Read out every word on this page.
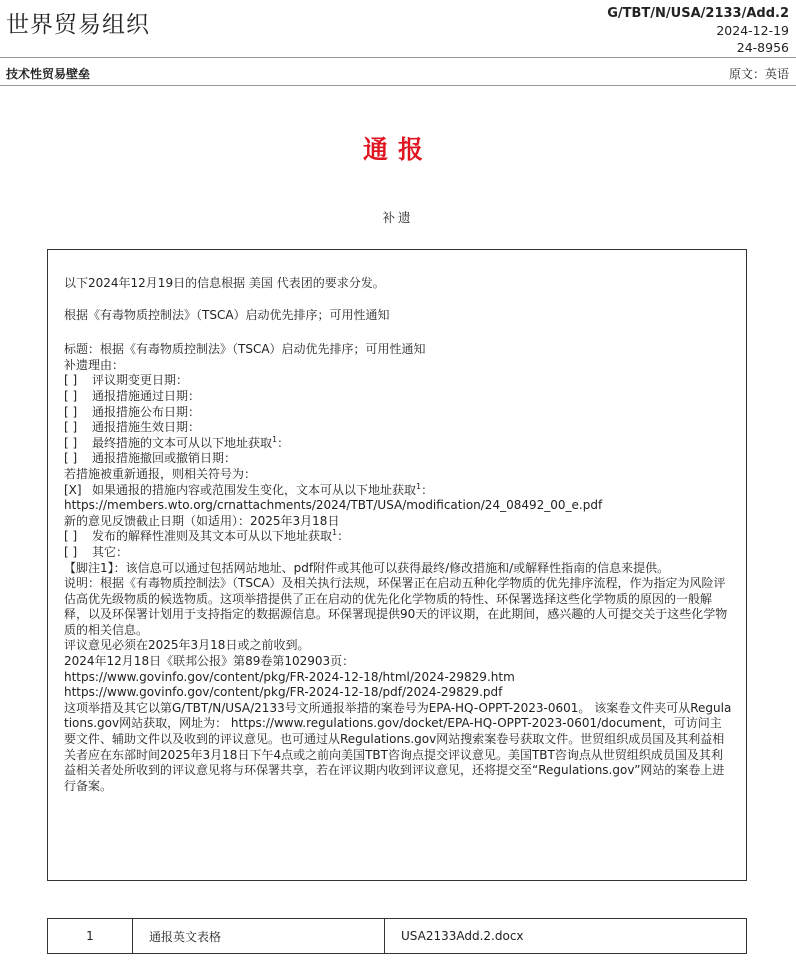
世界贸易组织	G/TBT/N/USA/2133/Add.2
2024-12-19
24-8956
技术性贸易壁垒	原文：英语
通报
补遗
以下2024年12月19日的信息根据 美国 代表团的要求分发。
根据《有毒物质控制法》（TSCA）启动优先排序；可用性通知
标题：根据《有毒物质控制法》（TSCA）启动优先排序；可用性通知
补遗理由：
[ ] 评议期变更日期：
[ ] 通报措施通过日期：
[ ] 通报措施公布日期：
[ ] 通报措施生效日期：
[ ] 最终措施的文本可从以下地址获取$^1$：
[ ] 通报措施撤回或撤销日期：
若措施被重新通报，则相关符号为：
[X] 如果通报的措施内容或范围发生变化，文本可从以下地址获取$^1$：
https://members.wto.org/crnattachments/2024/TBT/USA/modification/24_08492_00_e.pdf
新的意见反馈截止日期（如适用）：2025年3月18日
[ ] 发布的解释性准则及其文本可从以下地址获取$^1$：
[ ] 其它：
【脚注1】：该信息可以通过包括网站地址、pdf附件或其他可以获得最终/修改措施和/或解释性指南的信息来提供。
说明：根据《有毒物质控制法》（TSCA）及相关执行法规，环保署正在启动五种化学物质的优先排序流程，作为指定为风险评估高优先级物质的候选物质。这项举措提供了正在启动的优先化化学物质的特性、环保署选择这些化学物质的原因的一般解释，以及环保署计划用于支持指定的数据源信息。环保署现提供90天的评议期，在此期间，感兴趣的人可提交关于这些化学物质的相关信息。
评议意见必须在2025年3月18日或之前收到。
2024年12月18日《联邦公报》第89卷第102903页：
https://www.govinfo.gov/content/pkg/FR-2024-12-18/html/2024-29829.htm
https://www.govinfo.gov/content/pkg/FR-2024-12-18/pdf/2024-29829.pdf
这项举措及其它以第G/TBT/N/USA/2133号文所通报举措的案卷号为EPA-HQ-OPPT-2023-0601。 该案卷文件夹可从Regulations.gov网站获取，网址为： https://www.regulations.gov/docket/EPA-HQ-OPPT-2023-0601/document，可访问主要文件、辅助文件以及收到的评议意见。也可通过从Regulations.gov网站搜索案卷号获取文件。世贸组织成员国及其利益相关者应在东部时间2025年3月18日下午4点或之前向美国TBT咨询点提交评议意见。美国TBT咨询点从世贸组织成员国及其利益相关者处所收到的评议意见将与环保署共享，若在评议期内收到评议意见，还将提交至“Regulations.gov”网站的案卷上进行备案。
1	通报英文表格	USA2133Add.2.docx
